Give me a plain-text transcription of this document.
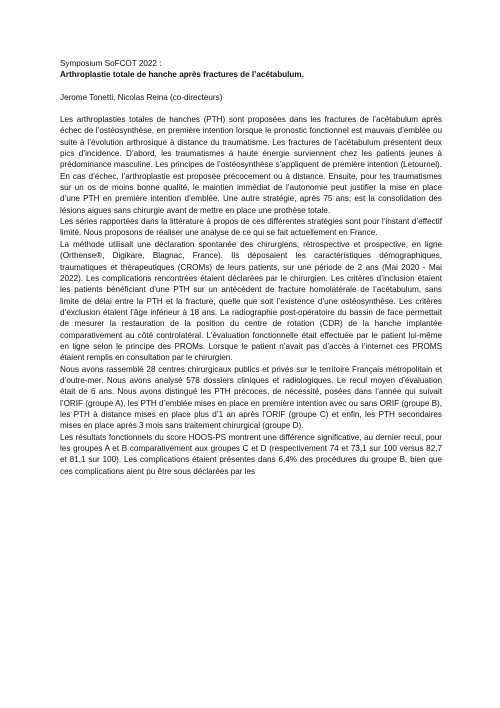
Symposium SoFCOT 2022 :

Arthroplastie totale de hanche après fractures de l’acétabulum.

Jerome Tonetti, Nicolas Reina (co-directeurs)

Les arthroplasties totales de hanches (PTH) sont proposées dans les fractures de l’acétabulum après échec de l’ostéosynthèse, en première intention lorsque le pronostic fonctionnel est mauvais d’emblée ou suite à l’évolution arthrosique à distance du traumatisme. Les fractures de l’acétabulum présentent deux pics d’incidence. D’abord, les traumatismes à haute énergie surviennent chez les patients jeunes à prédominance masculine. Les principes de l’ostéosynthèse s’appliquent de première intention (Letournel). En cas d’échec, l’arthroplastie est proposée précocement ou à distance. Ensuite, pour les traumatismes sur un os de moins bonne qualité, le maintien immédiat de l’autonomie peut justifier la mise en place d’une PTH en première intention d’emblée. Une autre stratégie, après 75 ans, est la consolidation des lésions aigues sans chirurgie avant de mettre en place une prothèse totale.

Les séries rapportées dans la littérature à propos de ces différentes stratégies sont pour l’instant d’effectif limité. Nous proposons de réaliser une analyse de ce qui se fait actuellement en France.

La méthode utilisait une déclaration spontanée des chirurgiens, rétrospective et prospective, en ligne (Orthense®, Digikare, Blagnac, France). Ils déposaient les caractéristiques démographiques, traumatiques et thérapeutiques (CROMs) de leurs patients, sur une période de 2 ans (Mai 2020 - Mai 2022). Les complications rencontrées étaient déclarées par le chirurgien. Les critères d’inclusion étaient les patients bénéficiant d’une PTH sur un antécédent de fracture homolatérale de l’acétabulum, sans limite de délai entre la PTH et la fracture, quelle que soit l’existence d’une ostéosynthèse. Les critères d’exclusion étaient l’âge inférieur à 18 ans. La radiographie post-opératoire du bassin de face permettait de mesurer la restauration de la position du centre de rotation (CDR) de la hanche implantée comparativement au côté controlatéral. L’évaluation fonctionnelle était effectuée par le patient lui-même en ligne selon le principe des PROMs. Lorsque le patient n’avait pas d’accès à l’internet ces PROMS étaient remplis en consultation par le chirurgien.

Nous avons rassemblé 28 centres chirurgicaux publics et privés sur le territoire Français métropolitain et d’outre-mer. Nous avons analysé 578 dossiers cliniques et radiologiques. Le recul moyen d’évaluation était de 6 ans. Nous avons distingué les PTH précoces, de nécessité, posées dans l’année qui suivait l’ORIF (groupe A), les PTH d’emblée mises en place en première intention avec ou sans ORIF (groupe B), les PTH à distance mises en place plus d’1 an après l’ORIF (groupe C) et enfin, les PTH secondaires mises en place après 3 mois sans traitement chirurgical (groupe D).

Les résultats fonctionnels du score HOOS-PS montrent une différence significative, au dernier recul, pour les groupes A et B comparativement aux groupes C et D (respectivement 74 et 73,1 sur 100 versus 82,7 et 81,1 sur 100). Les complications étaient présentes dans 6,4% des procédures du groupe B, bien que ces complications aient pu être sous déclarées par les
